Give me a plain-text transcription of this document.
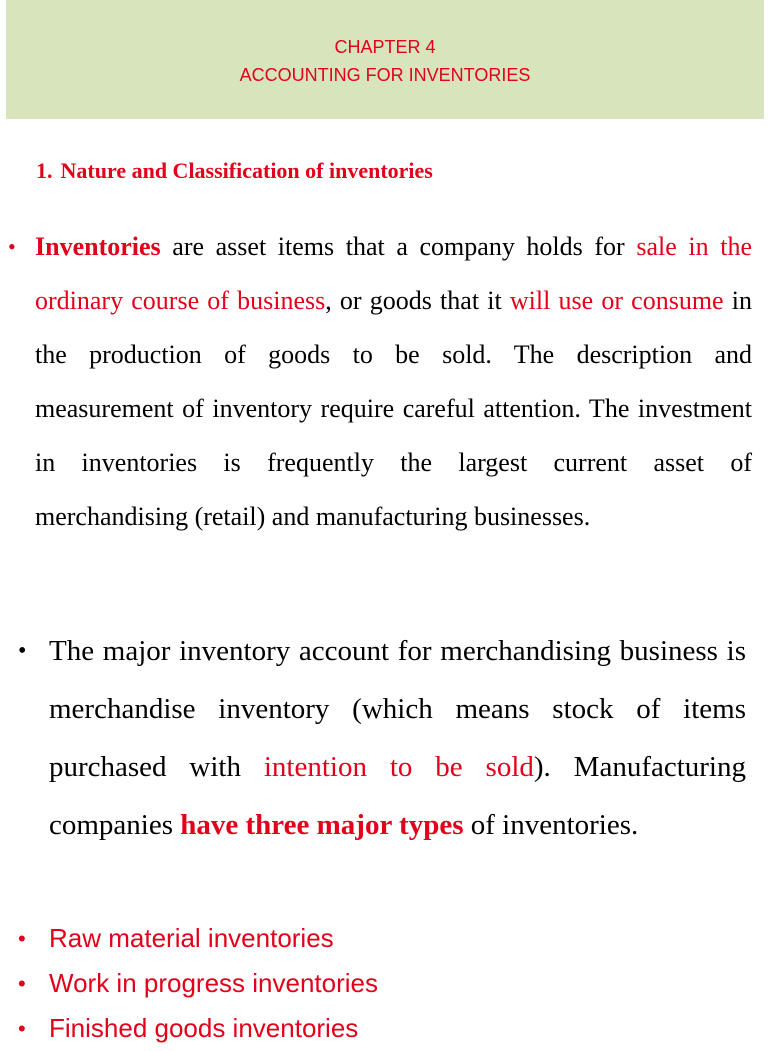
CHAPTER 4
ACCOUNTING FOR INVENTORIES
1. Nature and Classification of inventories
• Inventories are asset items that a company holds for sale in the ordinary course of business, or goods that it will use or consume in the production of goods to be sold. The description and measurement of inventory require careful attention. The investment in inventories is frequently the largest current asset of merchandising (retail) and manufacturing businesses.
• The major inventory account for merchandising business is merchandise inventory (which means stock of items purchased with intention to be sold). Manufacturing companies have three major types of inventories.
• Raw material inventories
• Work in progress inventories
• Finished goods inventories
